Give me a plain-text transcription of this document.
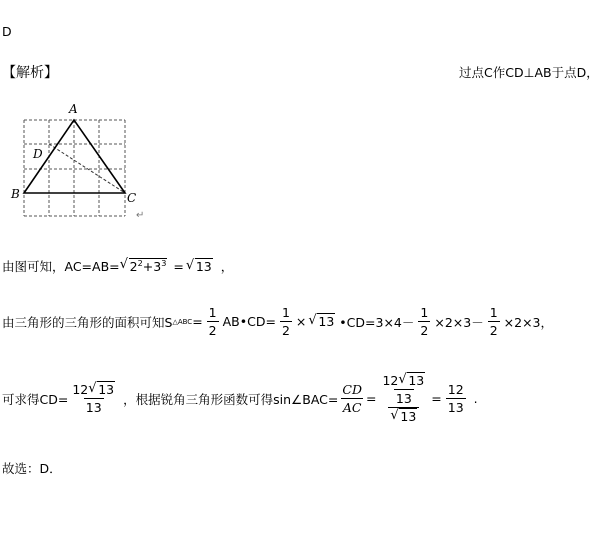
D
【解析】	过点C作CD⊥AB于点D，
A
D
B	C
↵
由图可知，AC=AB= √ $2^2+3^3$ = √ 13 ，
由三角形的三角形的面积可知S △ABC = $\frac{1}{2}$ AB•CD= $\frac{1}{2}$ × √ 13 •CD=3×4－ $\frac{1}{2} \times 2\times 3- \frac{1}{2} \times 2\times 3$，
可求得$CD= \frac{12 √ 13}{13}$ ，根据锐角三角形函数可得sin∠BAC= $\frac{CD}{AC} = \frac{12 √ 13}{13}$
√ $13 = \frac{12}{13}$ .
故选：D．
